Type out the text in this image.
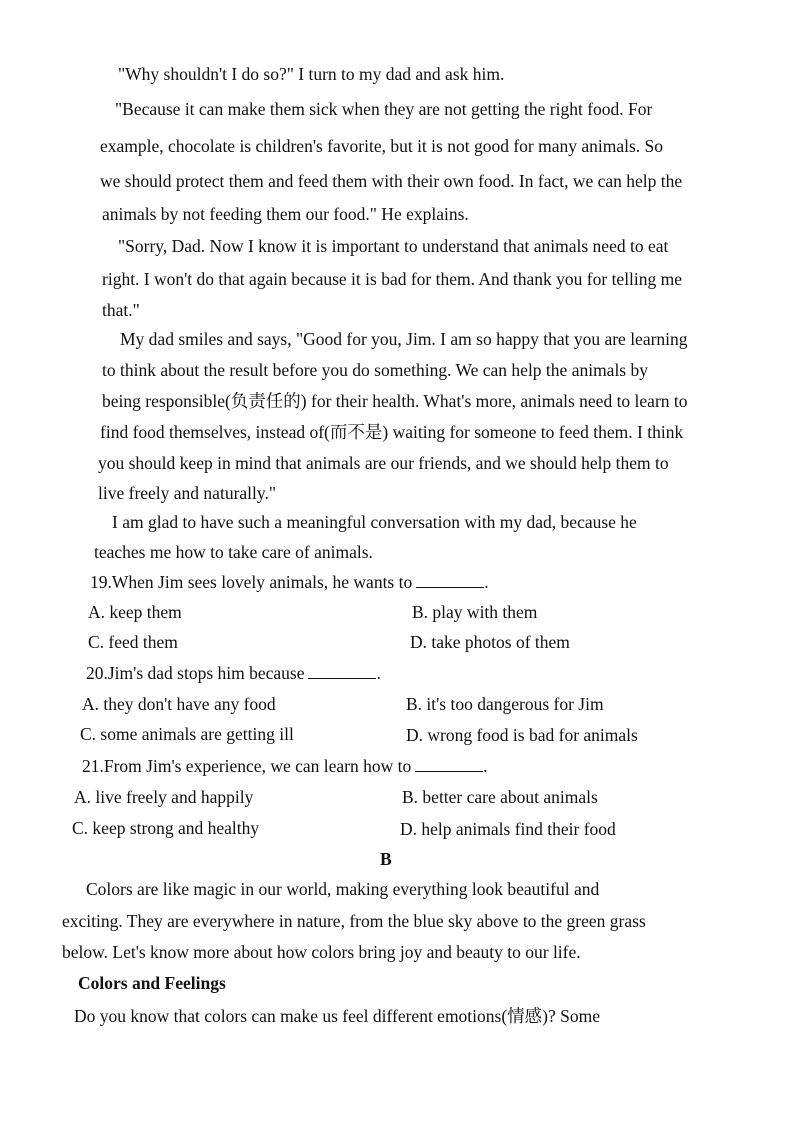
"Why shouldn't I do so?" I turn to my dad and ask him.
"Because it can make them sick when they are not getting the right food. For
example, chocolate is children's favorite, but it is not good for many animals. So
we should protect them and feed them with their own food. In fact, we can help the
animals by not feeding them our food." He explains.
"Sorry, Dad. Now I know it is important to understand that animals need to eat
right. I won't do that again because it is bad for them. And thank you for telling me
that."
My dad smiles and says, "Good for you, Jim. I am so happy that you are learning
to think about the result before you do something. We can help the animals by
being responsible(负责任的) for their health. What's more, animals need to learn to
find food themselves, instead of(而不是) waiting for someone to feed them. I think
you should keep in mind that animals are our friends, and we should help them to
live freely and naturally."
I am glad to have such a meaningful conversation with my dad, because he
teaches me how to take care of animals.
19.When Jim sees lovely animals, he wants to	.
A. keep them	B. play with them
C. feed them	D. take photos of them
20.Jim's dad stops him because	.
A. they don't have any food	B. it's too dangerous for Jim
C. some animals are getting ill	D. wrong food is bad for animals
21.From Jim's experience, we can learn how to	.
A. live freely and happily	B. better care about animals
C. keep strong and healthy	D. help animals find their food
B
Colors are like magic in our world, making everything look beautiful and
exciting. They are everywhere in nature, from the blue sky above to the green grass
below. Let's know more about how colors bring joy and beauty to our life.
Colors and Feelings
Do you know that colors can make us feel different emotions(情感)? Some
